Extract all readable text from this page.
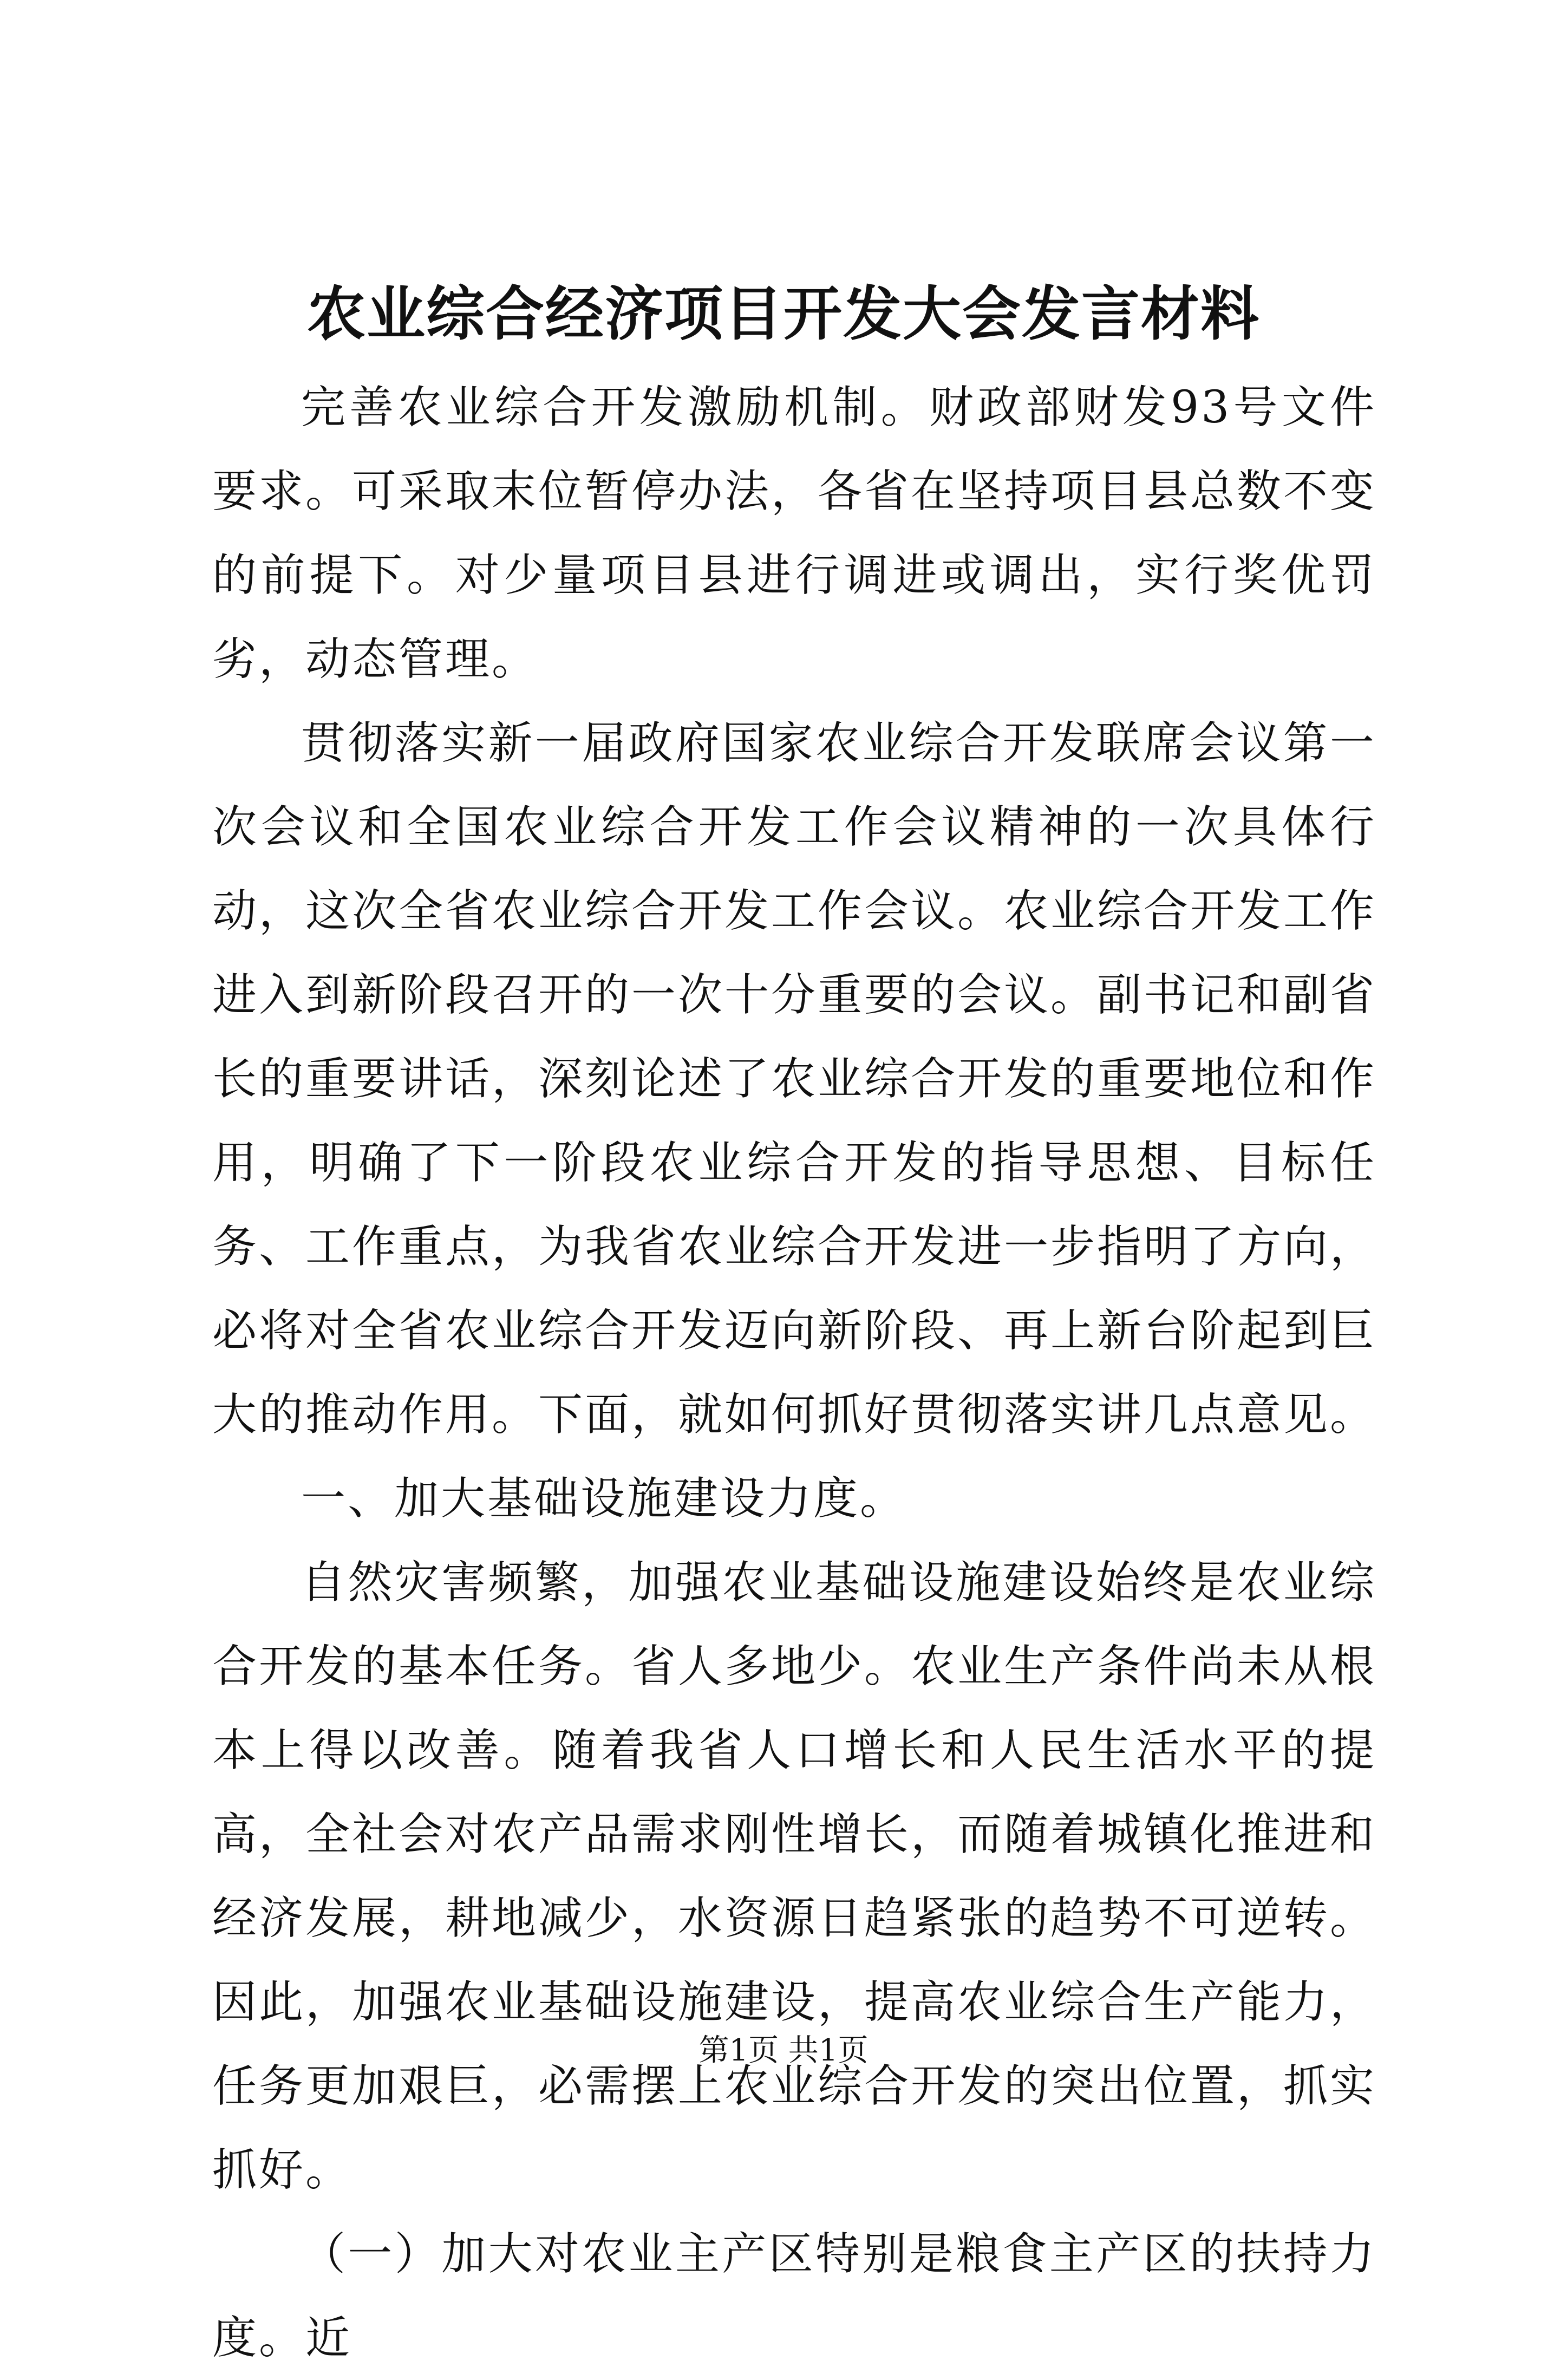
农业综合经济项目开发大会发言材料

完善农业综合开发激励机制。财政部财发93号文件要求。可采取末位暂停办法，各省在坚持项目县总数不变的前提下。对少量项目县进行调进或调出，实行奖优罚劣，动态管理。

贯彻落实新一届政府国家农业综合开发联席会议第一次会议和全国农业综合开发工作会议精神的一次具体行动，这次全省农业综合开发工作会议。农业综合开发工作进入到新阶段召开的一次十分重要的会议。副书记和副省长的重要讲话，深刻论述了农业综合开发的重要地位和作用，明确了下一阶段农业综合开发的指导思想、目标任务、工作重点，为我省农业综合开发进一步指明了方向，必将对全省农业综合开发迈向新阶段、再上新台阶起到巨大的推动作用。下面，就如何抓好贯彻落实讲几点意见。

一、加大基础设施建设力度。

自然灾害频繁，加强农业基础设施建设始终是农业综合开发的基本任务。省人多地少。农业生产条件尚未从根本上得以改善。随着我省人口增长和人民生活水平的提高，全社会对农产品需求刚性增长，而随着城镇化推进和经济发展，耕地减少，水资源日趋紧张的趋势不可逆转。因此，加强农业基础设施建设，提高农业综合生产能力，任务更加艰巨，必需摆上农业综合开发的突出位置，抓实抓好。

（一）加大对农业主产区特别是粮食主产区的扶持力度。近

第1页 共1页
